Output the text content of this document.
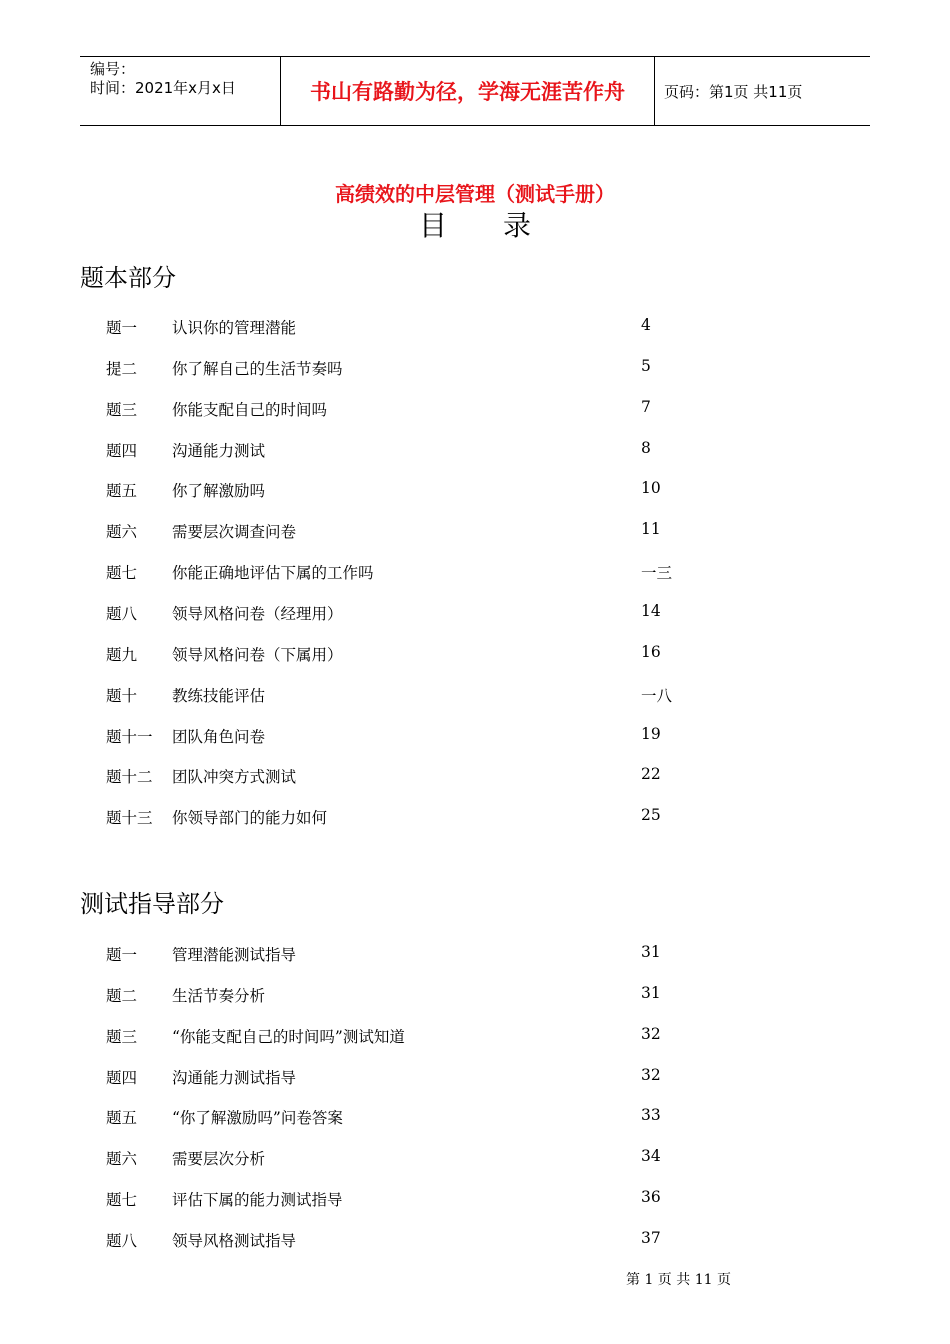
编号：
时间：2021年x月x日	书山有路勤为径，学海无涯苦作舟	页码：第1页 共11页
高绩效的中层管理（测试手册）
目　　录
题本部分
题一 认识你的管理潜能	4
提二 你了解自己的生活节奏吗	5
题三 你能支配自己的时间吗	7
题四 沟通能力测试	8
题五 你了解激励吗	10
题六 需要层次调查问卷	11
题七 你能正确地评估下属的工作吗	一三
题八 领导风格问卷（经理用）	14
题九 领导风格问卷（下属用）	16
题十 教练技能评估	一八
题十一 团队角色问卷	19
题十二 团队冲突方式测试	22
题十三 你领导部门的能力如何	25
测试指导部分
题一 管理潜能测试指导	31
题二 生活节奏分析	31
题三 “你能支配自己的时间吗”测试知道	32
题四 沟通能力测试指导	32
题五 “你了解激励吗”问卷答案	33
题六 需要层次分析	34
题七 评估下属的能力测试指导	36
题八 领导风格测试指导	37
第 1 页 共 11 页
